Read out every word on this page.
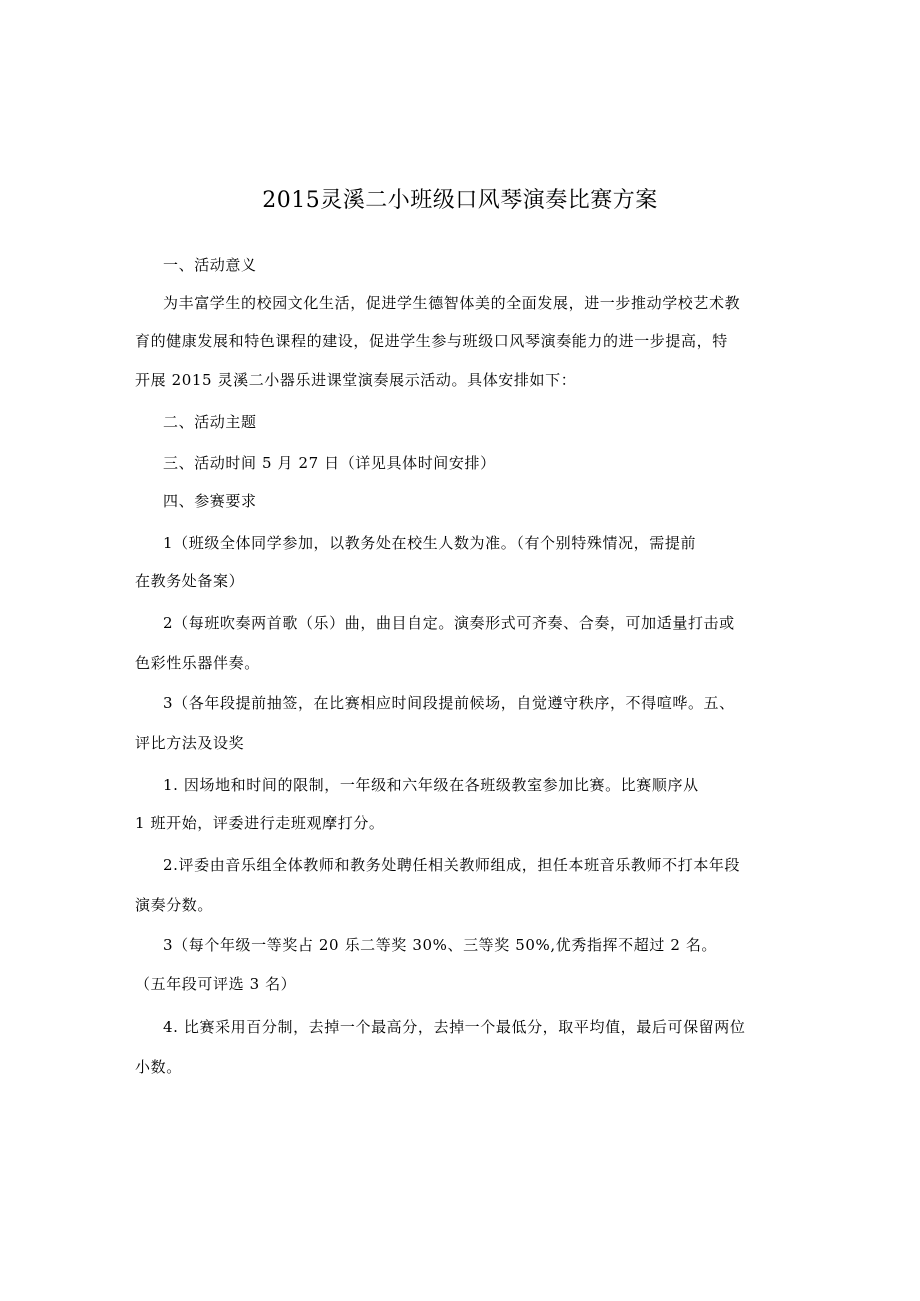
2015灵溪二小班级口风琴演奏比赛方案
一、活动意义
为丰富学生的校园文化生活，促进学生德智体美的全面发展，进一步推动学校艺术教
育的健康发展和特色课程的建设，促进学生参与班级口风琴演奏能力的进一步提高，特
开展 2015 灵溪二小器乐进课堂演奏展示活动。具体安排如下：
二、活动主题
三、活动时间 5 月 27 日（详见具体时间安排）
四、参赛要求
1（班级全体同学参加，以教务处在校生人数为准。（有个别特殊情况，需提前
在教务处备案）
2（每班吹奏两首歌（乐）曲，曲目自定。演奏形式可齐奏、合奏，可加适量打击或
色彩性乐器伴奏。
3（各年段提前抽签，在比赛相应时间段提前候场，自觉遵守秩序，不得喧哗。五、
评比方法及设奖
1. 因场地和时间的限制，一年级和六年级在各班级教室参加比赛。比赛顺序从
1 班开始，评委进行走班观摩打分。
2.评委由音乐组全体教师和教务处聘任相关教师组成，担任本班音乐教师不打本年段
演奏分数。
3（每个年级一等奖占 20 乐二等奖 30%、三等奖 50%,优秀指挥不超过 2 名。
（五年段可评选 3 名）
4. 比赛采用百分制，去掉一个最高分，去掉一个最低分，取平均值，最后可保留两位
小数。
